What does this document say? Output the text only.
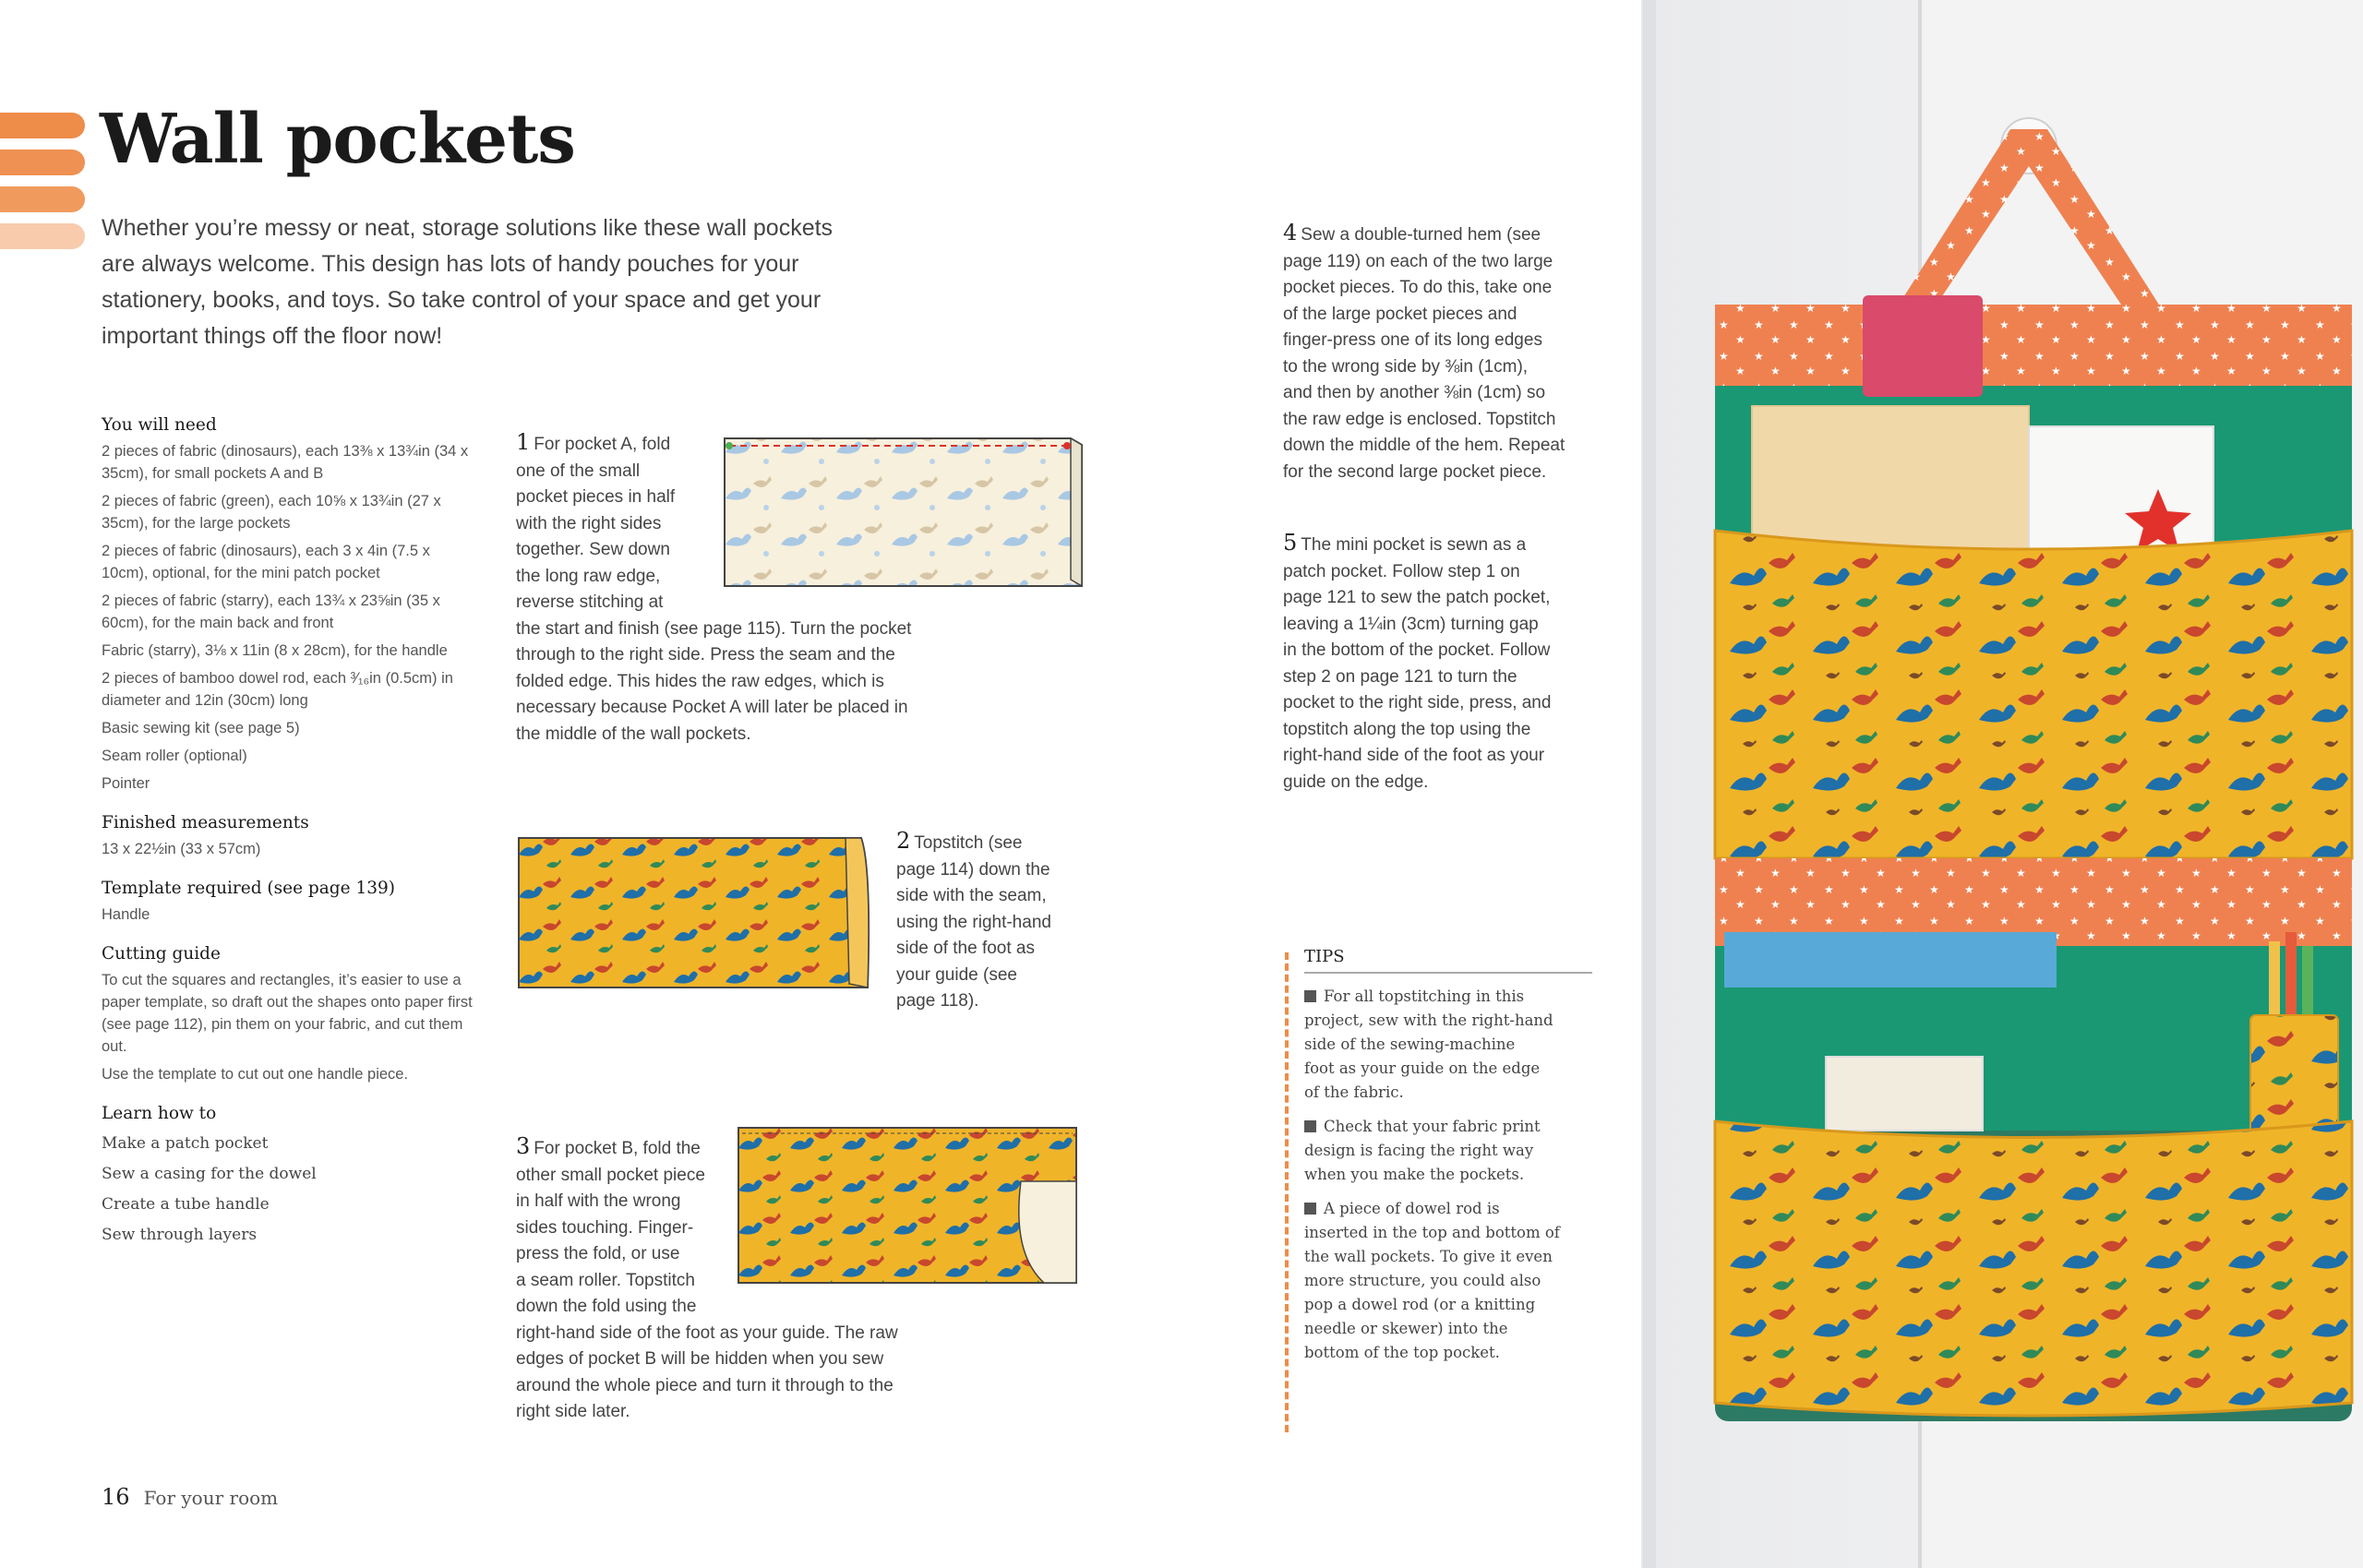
Wall pockets

Whether you’re messy or neat, storage solutions like these wall pockets are always welcome. This design has lots of handy pouches for your stationery, books, and toys. So take control of your space and get your important things off the floor now!

You will need

2 pieces of fabric (dinosaurs), each 13⅜ x 13¾in (34 x 35cm), for small pockets A and B

2 pieces of fabric (green), each 10⅝ x 13¾in (27 x 35cm), for the large pockets

2 pieces of fabric (dinosaurs), each 3 x 4in (7.5 x 10cm), optional, for the mini patch pocket

2 pieces of fabric (starry), each 13¾ x 23⅝in (35 x 60cm), for the main back and front

Fabric (starry), 3⅛ x 11in (8 x 28cm), for the handle

2 pieces of bamboo dowel rod, each ³⁄₁₆in (0.5cm) in diameter and 12in (30cm) long

Basic sewing kit (see page 5)

Seam roller (optional)

Pointer

Finished measurements

13 x 22½in (33 x 57cm)

Template required (see page 139)

Handle

Cutting guide

To cut the squares and rectangles, it’s easier to use a paper template, so draft out the shapes onto paper first (see page 112), pin them on your fabric, and cut them out.

Use the template to cut out one handle piece.

Learn how to

Make a patch pocket

Sew a casing for the dowel

Create a tube handle

Sew through layers

1 For pocket A, fold

one of the small

pocket pieces in half

with the right sides

together. Sew down

the long raw edge,

reverse stitching at

the start and finish (see page 115). Turn the pocket

through to the right side. Press the seam and the

folded edge. This hides the raw edges, which is

necessary because Pocket A will later be placed in

the middle of the wall pockets.

2 Topstitch (see

page 114) down the

side with the seam,

using the right-hand

side of the foot as

your guide (see

page 118).

3 For pocket B, fold the

other small pocket piece

in half with the wrong

sides touching. Finger-

press the fold, or use

a seam roller. Topstitch

down the fold using the

right-hand side of the foot as your guide. The raw

edges of pocket B will be hidden when you sew

around the whole piece and turn it through to the

right side later.

4 Sew a double-turned hem (see

page 119) on each of the two large

pocket pieces. To do this, take one

of the large pocket pieces and

finger-press one of its long edges

to the wrong side by ⅜in (1cm),

and then by another ⅜in (1cm) so

the raw edge is enclosed. Topstitch

down the middle of the hem. Repeat

for the second large pocket piece.

5 The mini pocket is sewn as a

patch pocket. Follow step 1 on

page 121 to sew the patch pocket,

leaving a 1¼in (3cm) turning gap

in the bottom of the pocket. Follow

step 2 on page 121 to turn the

pocket to the right side, press, and

topstitch along the top using the

right-hand side of the foot as your

guide on the edge.

TIPS
For all topstitching in this
project, sew with the right-hand
side of the sewing-machine
foot as your guide on the edge
of the fabric.
Check that your fabric print
design is facing the right way
when you make the pockets.
A piece of dowel rod is
inserted in the top and bottom of
the wall pockets. To give it even
more structure, you could also
pop a dowel rod (or a knitting
needle or skewer) into the
bottom of the top pocket.
16 For your room
